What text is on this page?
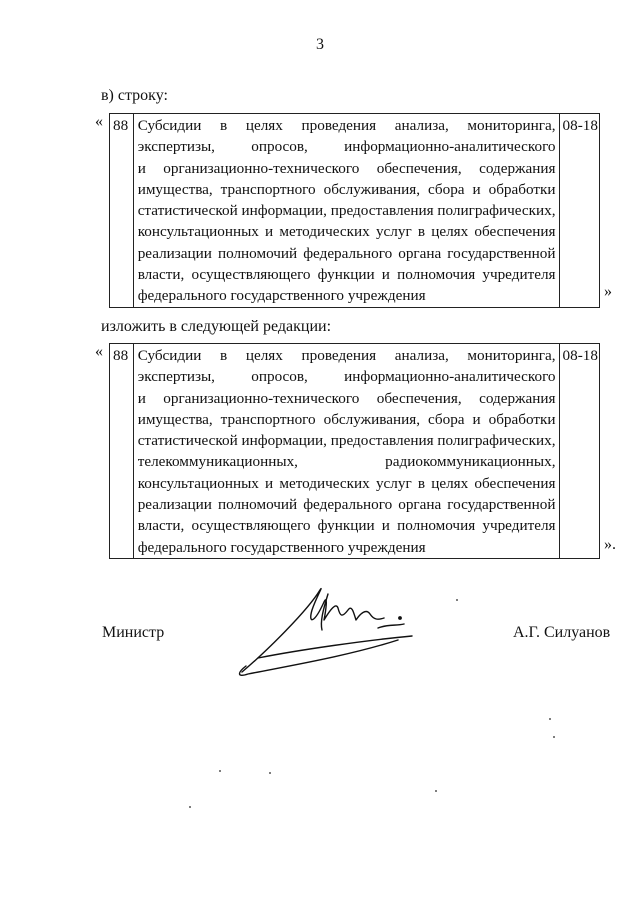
3
в) строку:
« 88	Субсидии в целях проведения анализа, мониторинга,
экспертизы, опросов, информационно-аналитического
и организационно-технического обеспечения, содержания
имущества, транспортного обслуживания, сбора и обработки
статистической информации, предоставления полиграфических,
консультационных и методических услуг в целях обеспечения
реализации полномочий федерального органа государственной
власти, осуществляющего функции и полномочия учредителя
федерального государственного учреждения
	08-18
»
изложить в следующей редакции:
« 88	Субсидии в целях проведения анализа, мониторинга,
экспертизы, опросов, информационно-аналитического
и организационно-технического обеспечения, содержания
имущества, транспортного обслуживания, сбора и обработки
статистической информации, предоставления полиграфических,
телекоммуникационных, радиокоммуникационных,
консультационных и методических услуг в целях обеспечения
реализации полномочий федерального органа государственной
власти, осуществляющего функции и полномочия учредителя
федерального государственного учреждения
	08-18
».
Министр	А.Г. Силуанов
